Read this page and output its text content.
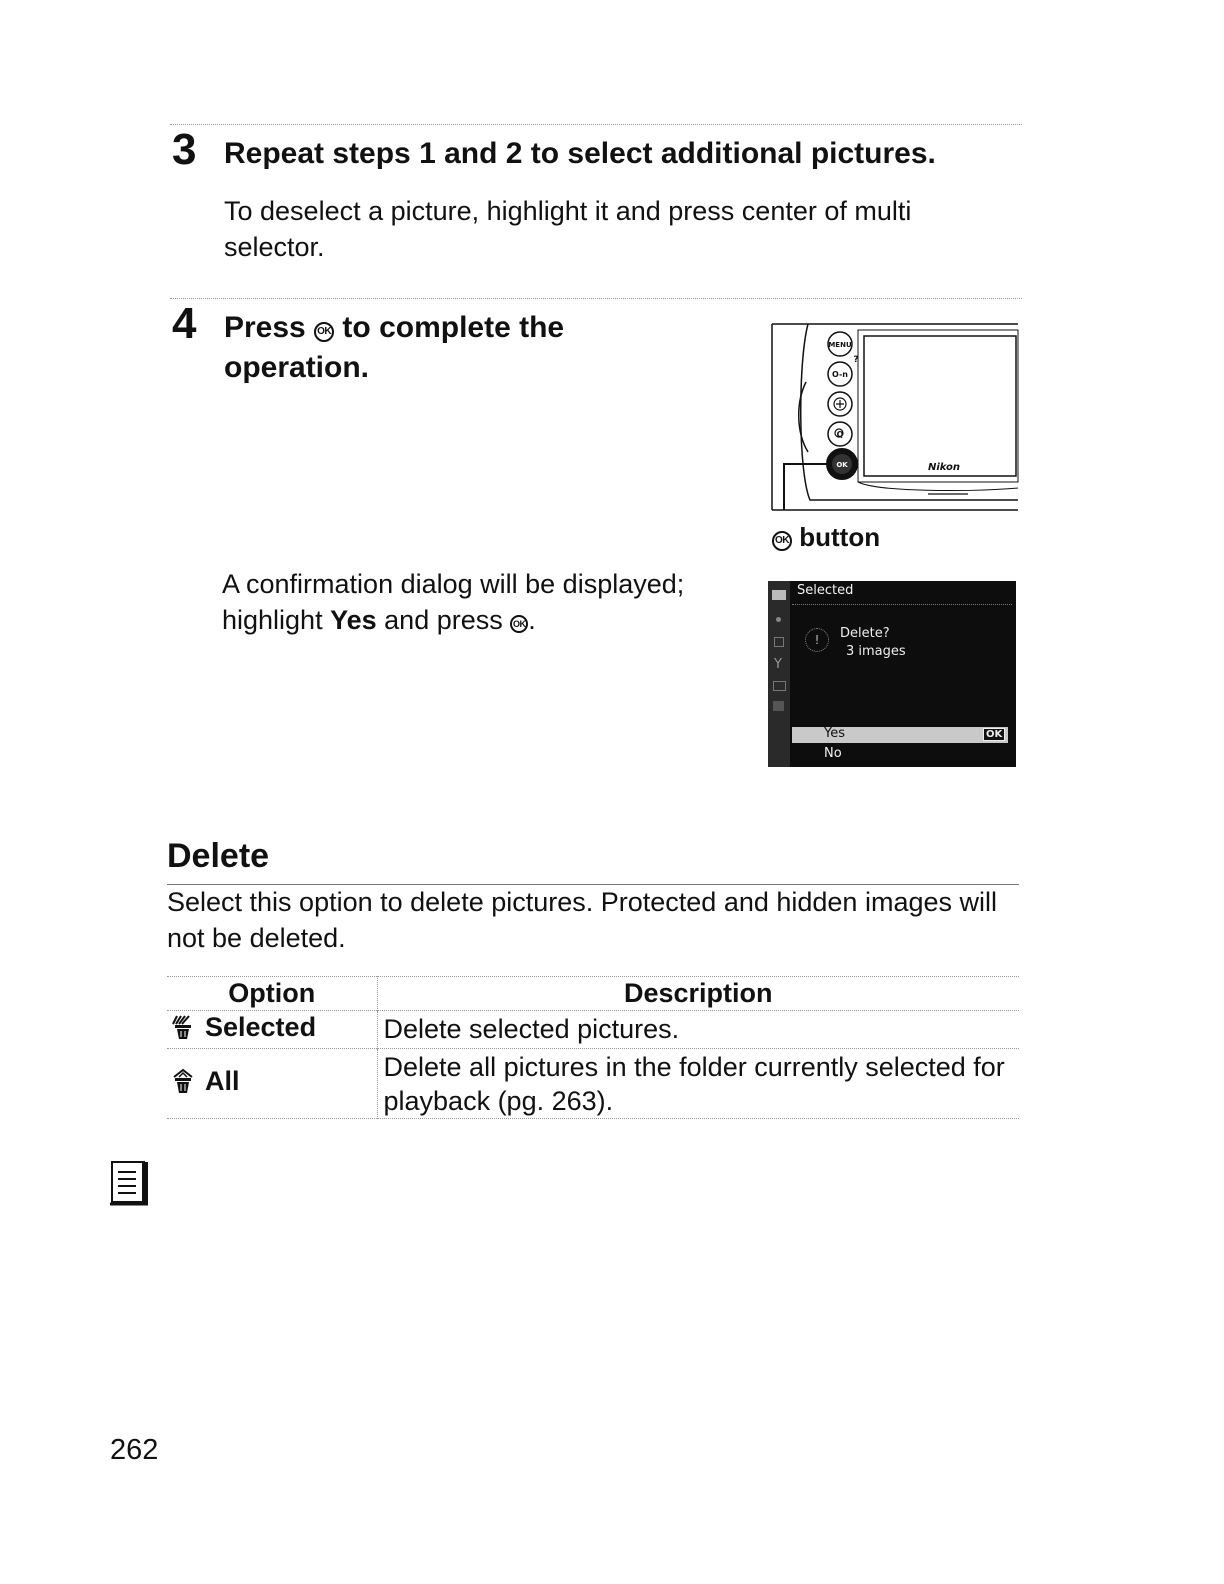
3 Repeat steps 1 and 2 to select additional pictures.
To deselect a picture, highlight it and press center of multi selector.
4 Press OK to complete the operation.
MENU
O-n
?
Q
OK	Nikon
OK button
A confirmation dialog will be displayed; highlight Yes and press OK .
Y
Selected
!	Delete?
3 images
Yes	OK
No
Delete
Select this option to delete pictures. Protected and hidden images will not be deleted.
Option	Description
Selected	Delete selected pictures.
All	Delete all pictures in the folder currently selected for playback (pg. 263).
262
